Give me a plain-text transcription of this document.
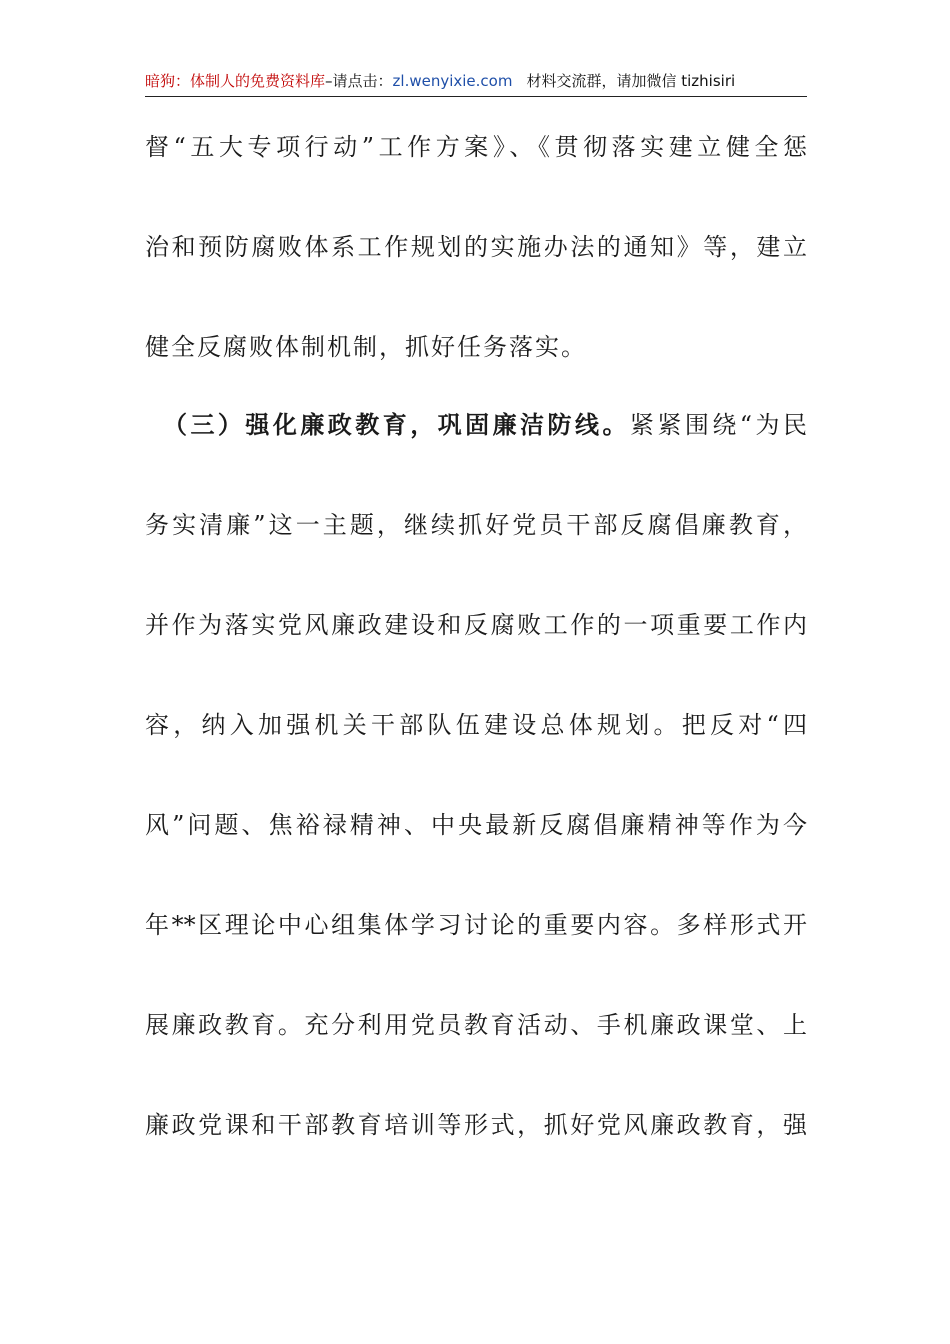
暗狗：体制人的免费资料库–请点击：zl.wenyixie.com 材料交流群，请加微信 tizhisiri
督“五大专项行动”工作方案》、《贯彻落实建立健全惩
治和预防腐败体系工作规划的实施办法的通知》等，建立
健全反腐败体制机制，抓好任务落实。
（三）强化廉政教育，巩固廉洁防线。紧紧围绕“为民
务实清廉”这一主题，继续抓好党员干部反腐倡廉教育，
并作为落实党风廉政建设和反腐败工作的一项重要工作内
容，纳入加强机关干部队伍建设总体规划。把反对“四
风”问题、焦裕禄精神、中央最新反腐倡廉精神等作为今
年**区理论中心组集体学习讨论的重要内容。多样形式开
展廉政教育。充分利用党员教育活动、手机廉政课堂、上
廉政党课和干部教育培训等形式，抓好党风廉政教育，强
